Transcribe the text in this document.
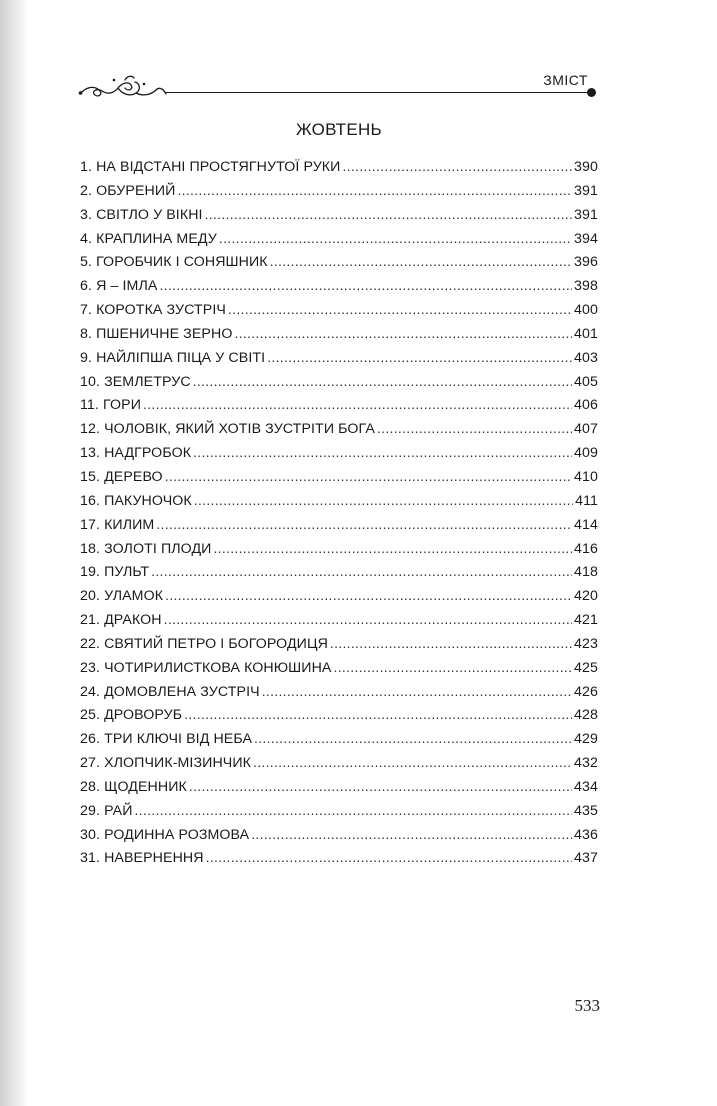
ЗМІСТ
ЖОВТЕНЬ
1. НА ВІДСТАНІ ПРОСТЯГНУТОЇ РУКИ .....	390
2. ОБУРЕНИЙ .....	391
3. СВІТЛО У ВІКНІ .....	391
4. КРАПЛИНА МЕДУ .....	394
5. ГОРОБЧИК І СОНЯШНИК .....	396
6. Я – ІМЛА .....	398
7. КОРОТКА ЗУСТРІЧ .....	400
8. ПШЕНИЧНЕ ЗЕРНО .....	401
9. НАЙЛІПША ПІЦА У СВІТІ .....	403
10. ЗЕМЛЕТРУС .....	405
11. ГОРИ .....	406
12. ЧОЛОВІК, ЯКИЙ ХОТІВ ЗУСТРІТИ БОГА .....	407
13. НАДГРОБОК .....	409
15. ДЕРЕВО .....	410
16. ПАКУНОЧОК .....	411
17. КИЛИМ .....	414
18. ЗОЛОТІ ПЛОДИ .....	416
19. ПУЛЬТ .....	418
20. УЛАМОК .....	420
21. ДРАКОН .....	421
22. СВЯТИЙ ПЕТРО І БОГОРОДИЦЯ .....	423
23. ЧОТИРИЛИСТКОВА КОНЮШИНА .....	425
24. ДОМОВЛЕНА ЗУСТРІЧ .....	426
25. ДРОВОРУБ .....	428
26. ТРИ КЛЮЧІ ВІД НЕБА .....	429
27. ХЛОПЧИК-МІЗИНЧИК .....	432
28. ЩОДЕННИК .....	434
29. РАЙ .....	435
30. РОДИННА РОЗМОВА .....	436
31. НАВЕРНЕННЯ .....	437
533
